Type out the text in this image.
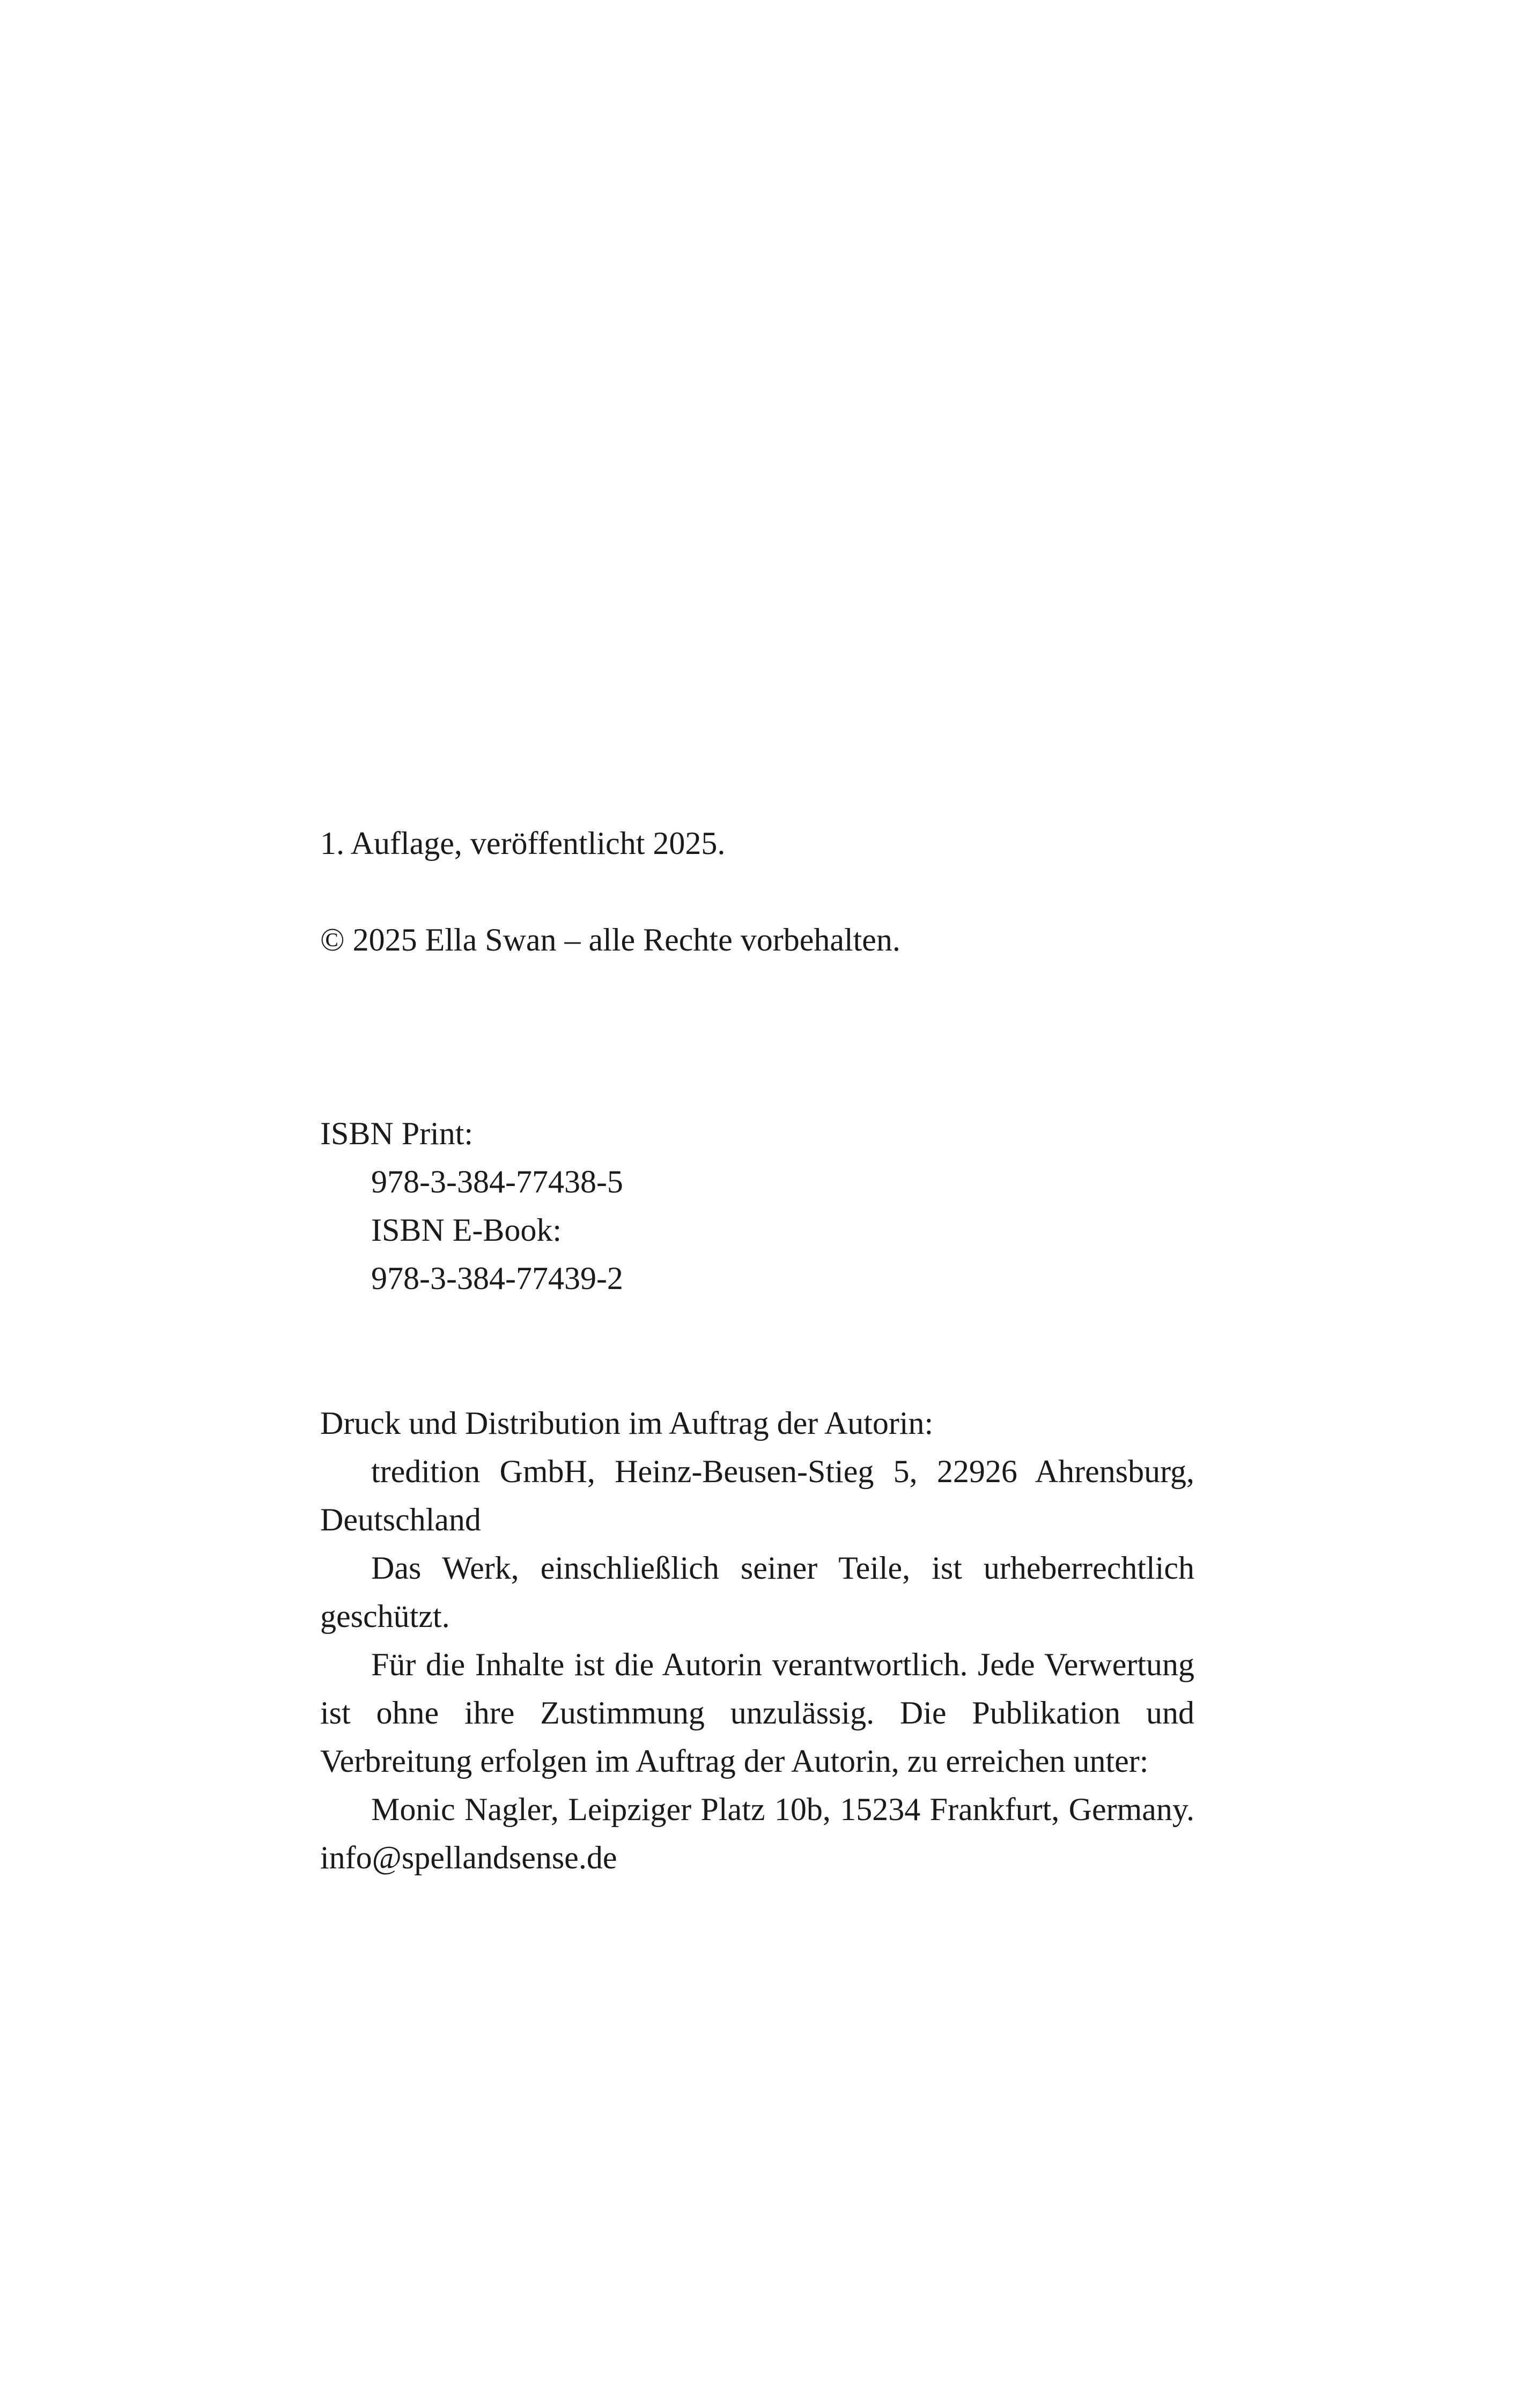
1. Auflage, veröffentlicht 2025.
© 2025 Ella Swan – alle Rechte vorbehalten.
ISBN Print:
978-3-384-77438-5
ISBN E-Book:
978-3-384-77439-2
Druck und Distribution im Auftrag der Autorin:
tredition GmbH, Heinz-Beusen-Stieg 5, 22926 Ahrensburg, Deutschland
Das Werk, einschließlich seiner Teile, ist urheberrechtlich geschützt.
Für die Inhalte ist die Autorin verantwortlich. Jede Verwertung ist ohne ihre Zustimmung unzulässig. Die Publikation und Verbreitung erfolgen im Auftrag der Autorin, zu erreichen unter:
Monic Nagler, Leipziger Platz 10b, 15234 Frankfurt, Germany. info@spellandsense.de
